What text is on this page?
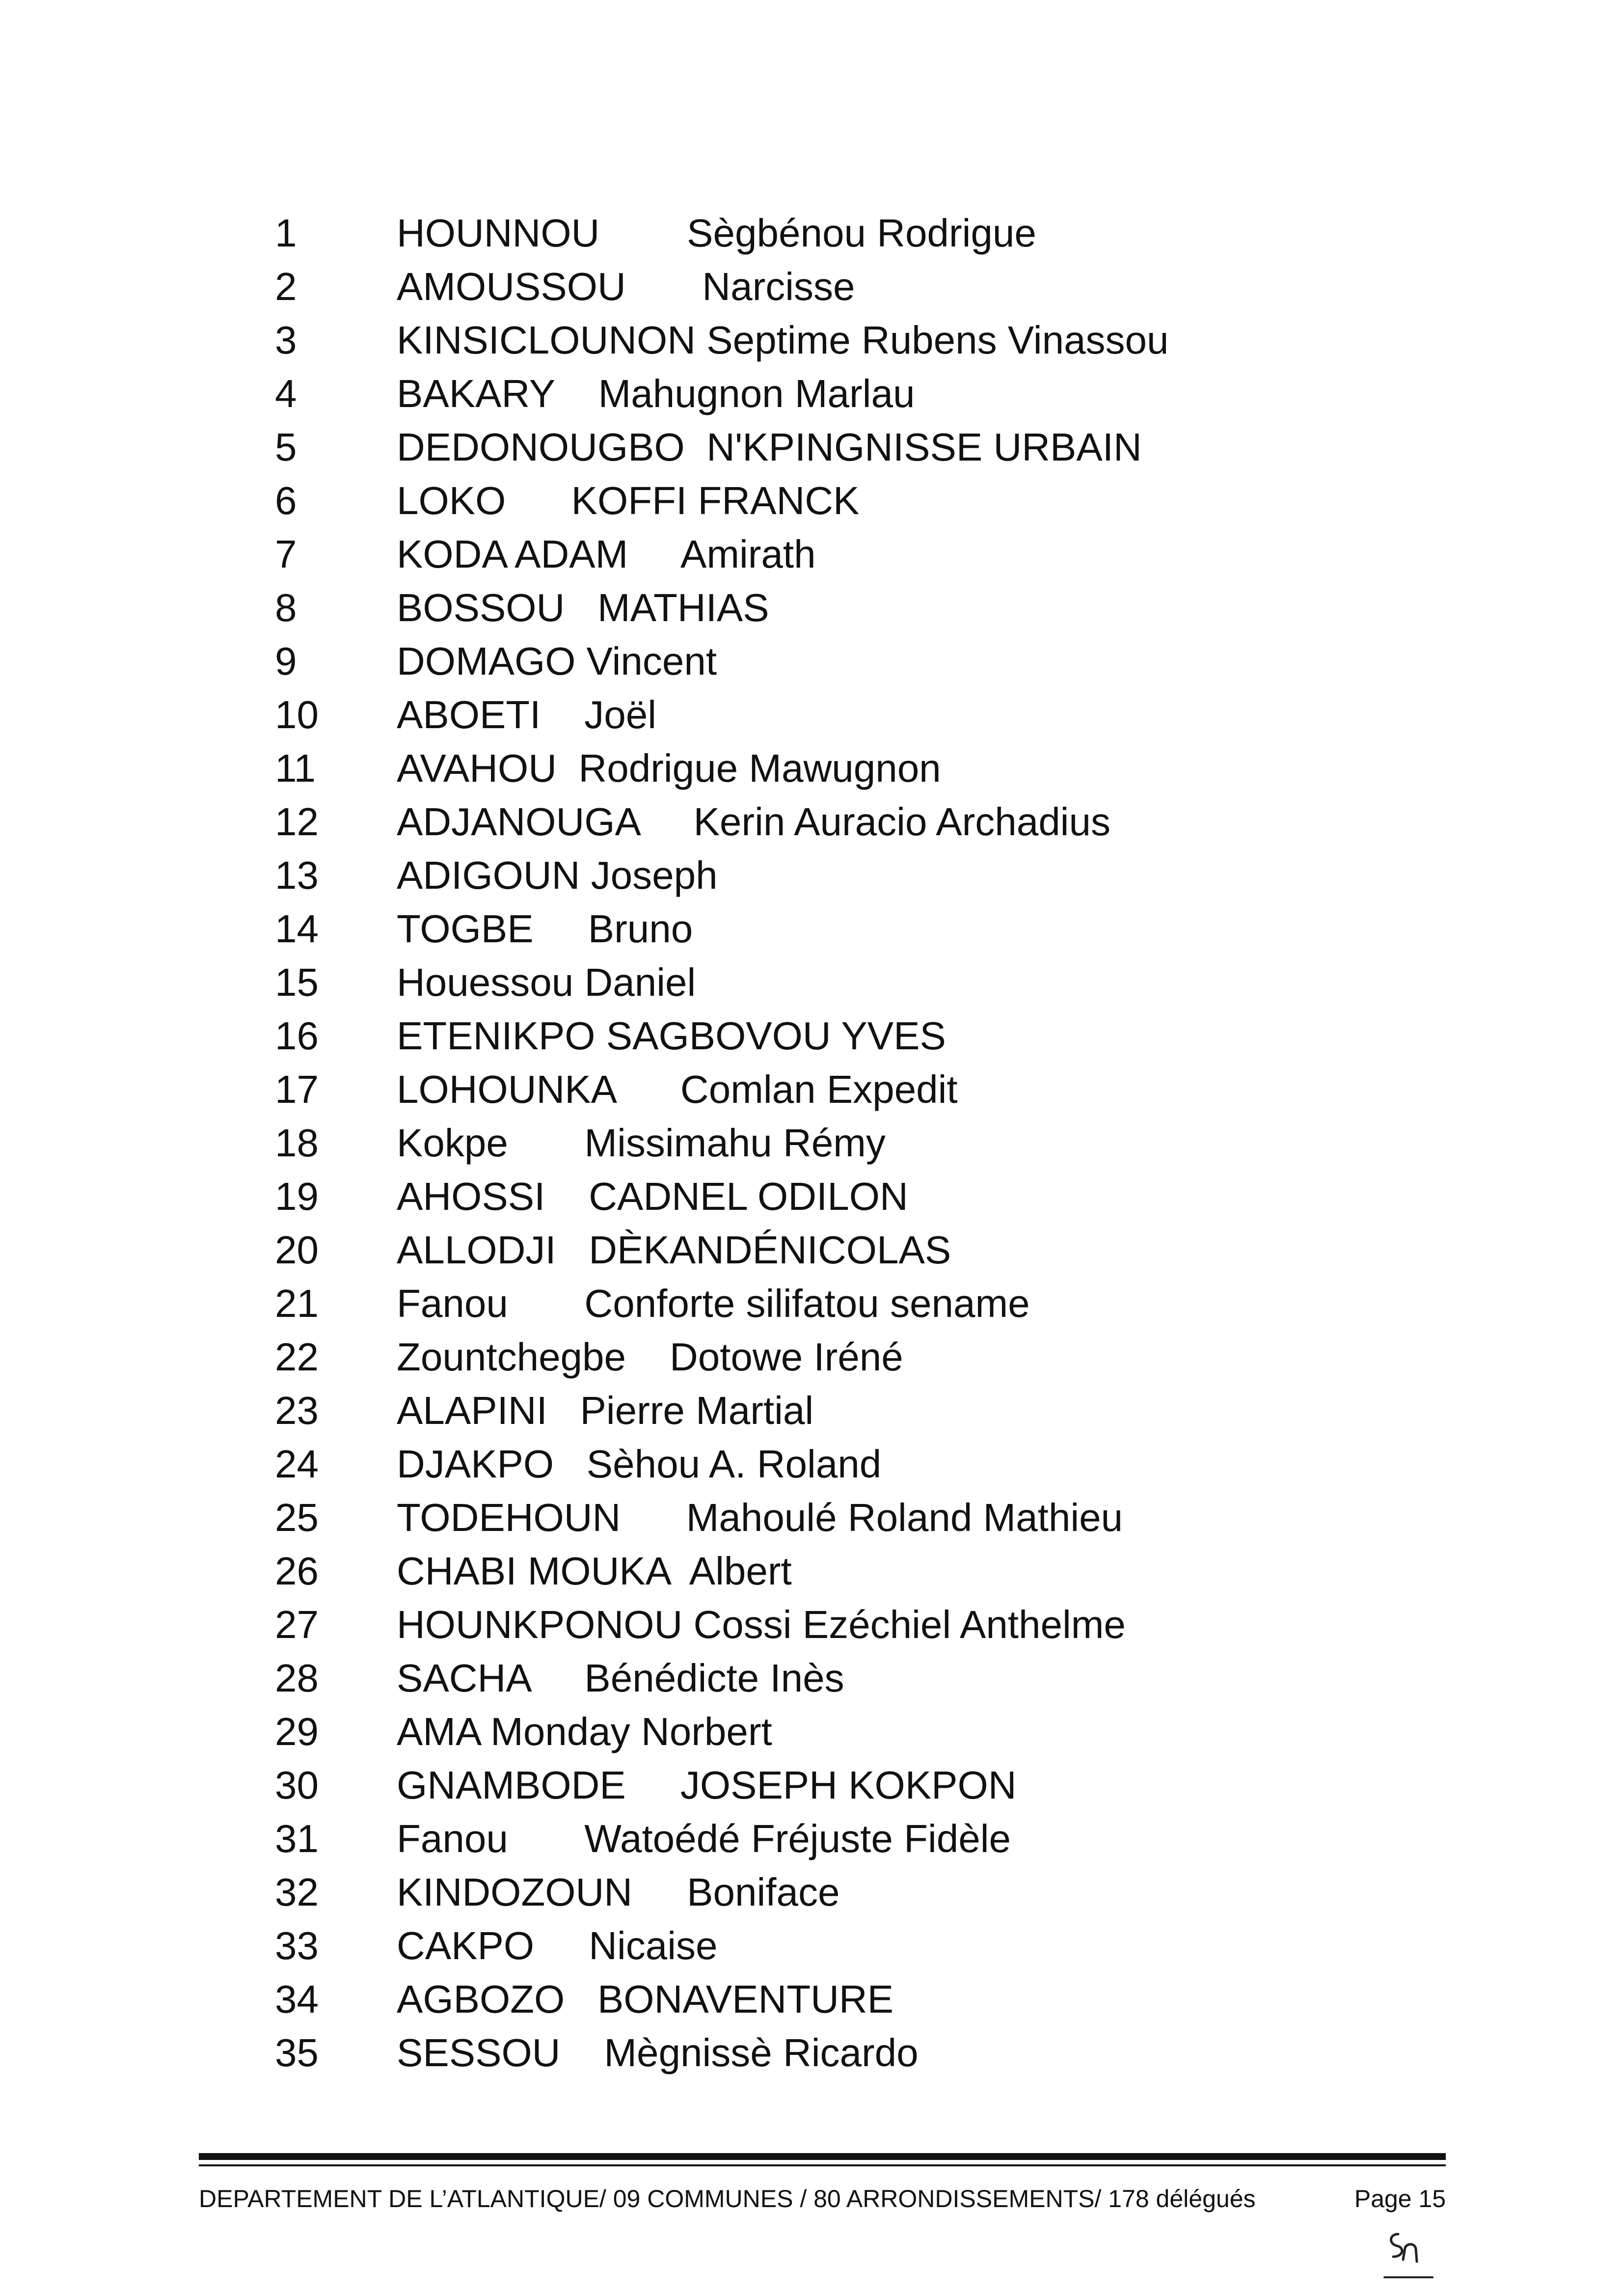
1	HOUNNOU        Sègbénou Rodrigue
2	AMOUSSOU       Narcisse
3	KINSICLOUNON Septime Rubens Vinassou
4	BAKARY    Mahugnon Marlau
5	DEDONOUGBO  N'KPINGNISSE URBAIN
6	LOKO      KOFFI FRANCK
7	KODA ADAM     Amirath
8	BOSSOU   MATHIAS
9	DOMAGO Vincent
10	ABOETI    Joël
11	AVAHOU  Rodrigue Mawugnon
12	ADJANOUGA     Kerin Auracio Archadius
13	ADIGOUN Joseph
14	TOGBE     Bruno
15	Houessou Daniel
16	ETENIKPO SAGBOVOU YVES
17	LOHOUNKA      Comlan Expedit
18	Kokpe       Missimahu Rémy
19	AHOSSI    CADNEL ODILON
20	ALLODJI   DÈKANDÉNICOLAS
21	Fanou       Conforte silifatou sename
22	Zountchegbe    Dotowe Iréné
23	ALAPINI   Pierre Martial
24	DJAKPO   Sèhou A. Roland
25	TODEHOUN      Mahoulé Roland Mathieu
26	CHABI MOUKA  Albert
27	HOUNKPONOU Cossi Ezéchiel Anthelme
28	SACHA     Bénédicte Inès
29	AMA Monday Norbert
30	GNAMBODE     JOSEPH KOKPON
31	Fanou       Watoédé Fréjuste Fidèle
32	KINDOZOUN     Boniface
33	CAKPO     Nicaise
34	AGBOZO   BONAVENTURE
35	SESSOU    Mègnissè Ricardo
DEPARTEMENT DE L’ATLANTIQUE/ 09 COMMUNES / 80 ARRONDISSEMENTS/ 178 délégués	Page 15
